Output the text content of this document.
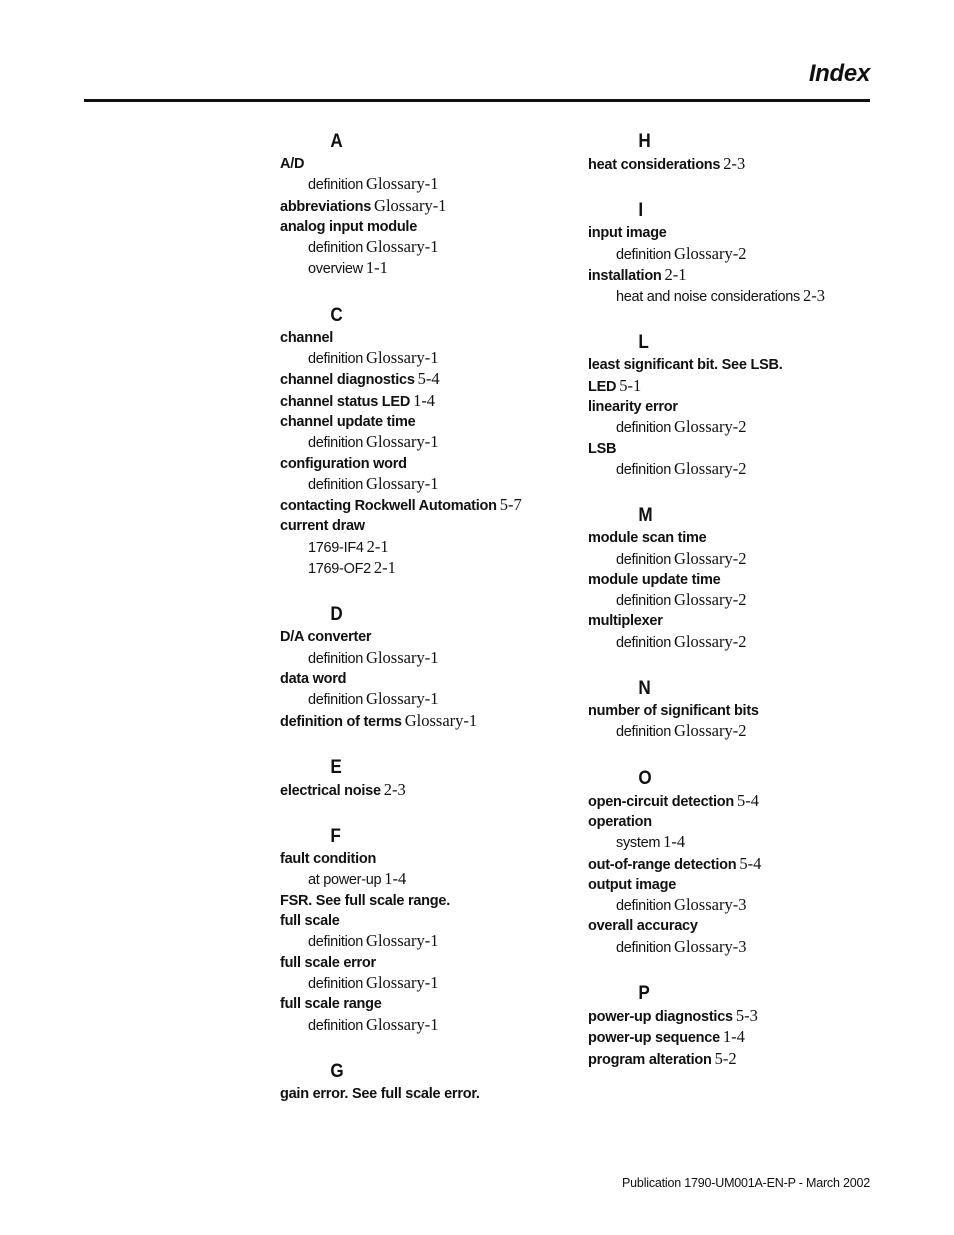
Index
A
A/D
definition Glossary-1
abbreviations Glossary-1
analog input module
definition Glossary-1
overview 1-1
C
channel
definition Glossary-1
channel diagnostics 5-4
channel status LED 1-4
channel update time
definition Glossary-1
configuration word
definition Glossary-1
contacting Rockwell Automation 5-7
current draw
1769-IF4 2-1
1769-OF2 2-1
D
D/A converter
definition Glossary-1
data word
definition Glossary-1
definition of terms Glossary-1
E
electrical noise 2-3
F
fault condition
at power-up 1-4
FSR. See full scale range.
full scale
definition Glossary-1
full scale error
definition Glossary-1
full scale range
definition Glossary-1
G
gain error. See full scale error.
H
heat considerations 2-3
I
input image
definition Glossary-2
installation 2-1
heat and noise considerations 2-3
L
least significant bit. See LSB.
LED 5-1
linearity error
definition Glossary-2
LSB
definition Glossary-2
M
module scan time
definition Glossary-2
module update time
definition Glossary-2
multiplexer
definition Glossary-2
N
number of significant bits
definition Glossary-2
O
open-circuit detection 5-4
operation
system 1-4
out-of-range detection 5-4
output image
definition Glossary-3
overall accuracy
definition Glossary-3
P
power-up diagnostics 5-3
power-up sequence 1-4
program alteration 5-2
Publication 1790-UM001A-EN-P - March 2002
